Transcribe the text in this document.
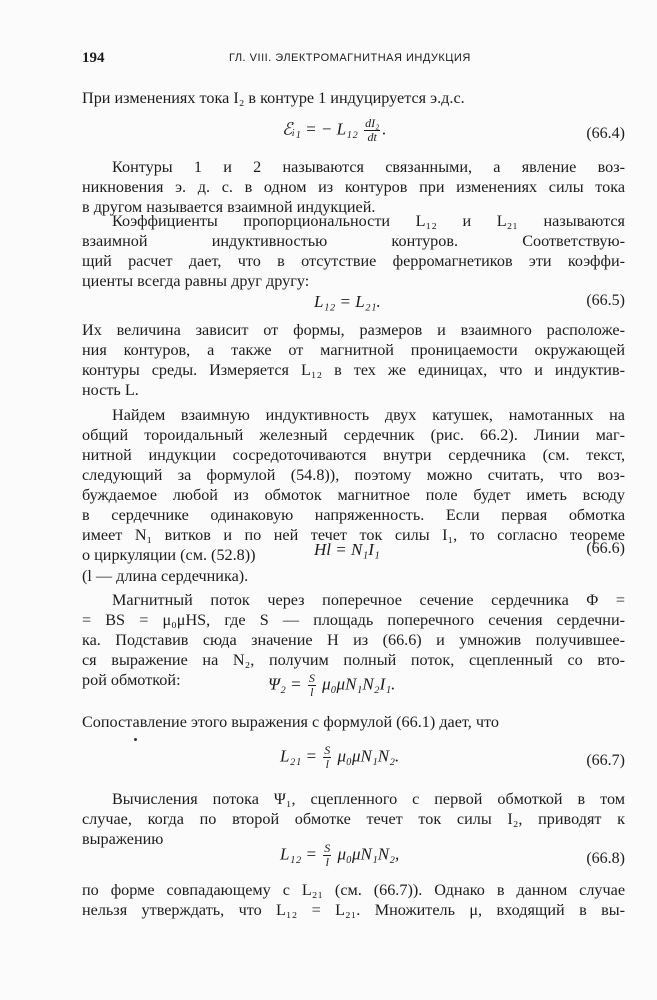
194	ГЛ. VIII. ЭЛЕКТРОМАГНИТНАЯ ИНДУКЦИЯ
При изменениях тока I₂ в контуре 1 индуцируется э.д.с.
ℰᵢ₁ = − $L_{12} \frac{\text{dI₂}}{dt}$ .	(66.4)
Контуры 1 и 2 называются связанными, а явление воз-
никновения э. д. с. в одном из контуров при изменениях силы тока
в другом называется взаимной индукцией.
Коэффициенты пропорциональности L₁₂ и L₂₁ называются
взаимной индуктивностью контуров. Соответствую-
щий расчет дает, что в отсутствие ферромагнетиков эти коэффи-
циенты всегда равны друг другу:
L₁₂ = L₂₁.	(66.5)
Их величина зависит от формы, размеров и взаимного расположе-
ния контуров, а также от магнитной проницаемости окружающей
контуры среды. Измеряется L₁₂ в тех же единицах, что и индуктив-
ность L.
Найдем взаимную индуктивность двух катушек, намотанных на
общий тороидальный железный сердечник (рис. 66.2). Линии маг-
нитной индукции сосредоточиваются внутри сердечника (см. текст,
следующий за формулой (54.8)), поэтому можно считать, что воз-
буждаемое любой из обмоток магнитное поле будет иметь всюду
в сердечнике одинаковую напряженность. Если первая обмотка
имеет N₁ витков и по ней течет ток силы I₁, то согласно теореме
о циркуляции (см. (52.8))	Hl = N₁I₁	(66.6)
(l — длина сердечника).
Магнитный поток через поперечное сечение сердечника Φ =
= BS = μ₀μHS, где S — площадь поперечного сечения сердечни-
ка. Подставив сюда значение H из (66.6) и умножив получившее-
ся выражение на N₂, получим полный поток, сцепленный со вто-
рой обмоткой:	$\Psi_2 = \frac{S}{l} \mu_0\mu N_1N_2I_1$.
Сопоставление этого выражения с формулой (66.1) дает, что
$L_{21} = \frac{S}{l} \mu_0\mu N_1N_2$.	(66.7)
Вычисления потока Ψ₁, сцепленного с первой обмоткой в том
случае, когда по второй обмотке течет ток силы I₂, приводят к
выражению
$L_{12} = \frac{S}{l} \mu_0\mu N_1N_2$,	(66.8)
по форме совпадающему с L₂₁ (см. (66.7)). Однако в данном случае
нельзя утверждать, что L₁₂ = L₂₁. Множитель μ, входящий в вы-
